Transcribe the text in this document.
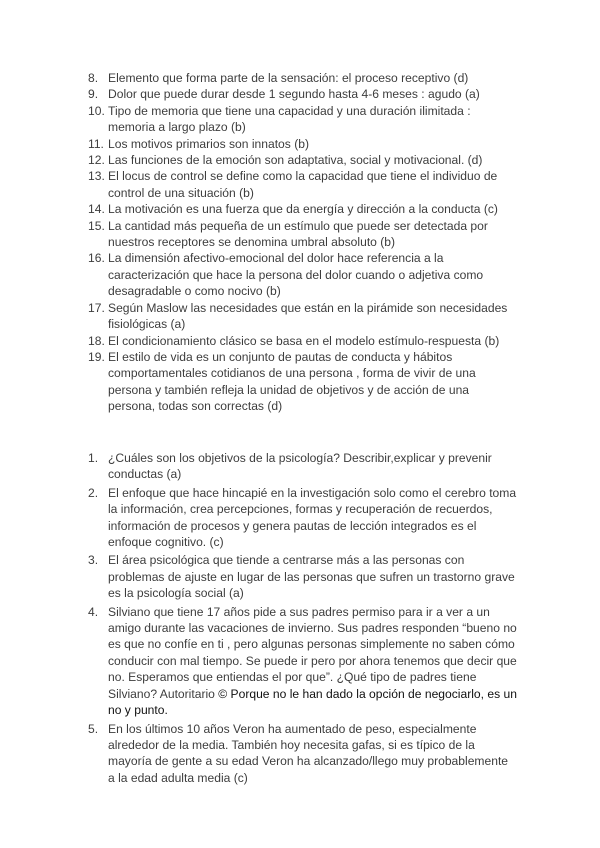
8. Elemento que forma parte de la sensación: el proceso receptivo (d)
9. Dolor que puede durar desde 1 segundo hasta 4-6 meses : agudo (a)
10. Tipo de memoria que tiene una capacidad y una duración ilimitada : memoria a largo plazo (b)
11. Los motivos primarios son innatos (b)
12. Las funciones de la emoción son adaptativa, social y motivacional. (d)
13. El locus de control se define como la capacidad que tiene el individuo de control de una situación (b)
14. La motivación es una fuerza que da energía y dirección a la conducta (c)
15. La cantidad más pequeña de un estímulo que puede ser detectada por nuestros receptores se denomina umbral absoluto (b)
16. La dimensión afectivo-emocional del dolor hace referencia a la caracterización que hace la persona del dolor cuando o adjetiva como desagradable o como nocivo (b)
17. Según Maslow las necesidades que están en la pirámide son necesidades fisiológicas (a)
18. El condicionamiento clásico se basa en el modelo estímulo-respuesta (b)
19. El estilo de vida es un conjunto de pautas de conducta y hábitos comportamentales cotidianos de una persona , forma de vivir de una persona y también refleja la unidad de objetivos y de acción de una persona, todas son correctas (d)
1. ¿Cuáles son los objetivos de la psicología? Describir,explicar y prevenir conductas (a)
2. El enfoque que hace hincapié en la investigación solo como el cerebro toma la información, crea percepciones, formas y recuperación de recuerdos, información de procesos y genera pautas de lección integrados es el enfoque cognitivo. (c)
3. El área psicológica que tiende a centrarse más a las personas con problemas de ajuste en lugar de las personas que sufren un trastorno grave es la psicología social (a)
4. Silviano que tiene 17 años pide a sus padres permiso para ir a ver a un amigo durante las vacaciones de invierno. Sus padres responden “bueno no es que no confíe en ti , pero algunas personas simplemente no saben cómo conducir con mal tiempo. Se puede ir pero por ahora tenemos que decir que no. Esperamos que entiendas el por que”. ¿Qué tipo de padres tiene Silviano? Autoritario © Porque no le han dado la opción de negociarlo, es un no y punto.
5. En los últimos 10 años Veron ha aumentado de peso, especialmente alrededor de la media. También hoy necesita gafas, si es típico de la mayoría de gente a su edad Veron ha alcanzado/llego muy probablemente a la edad adulta media (c)
